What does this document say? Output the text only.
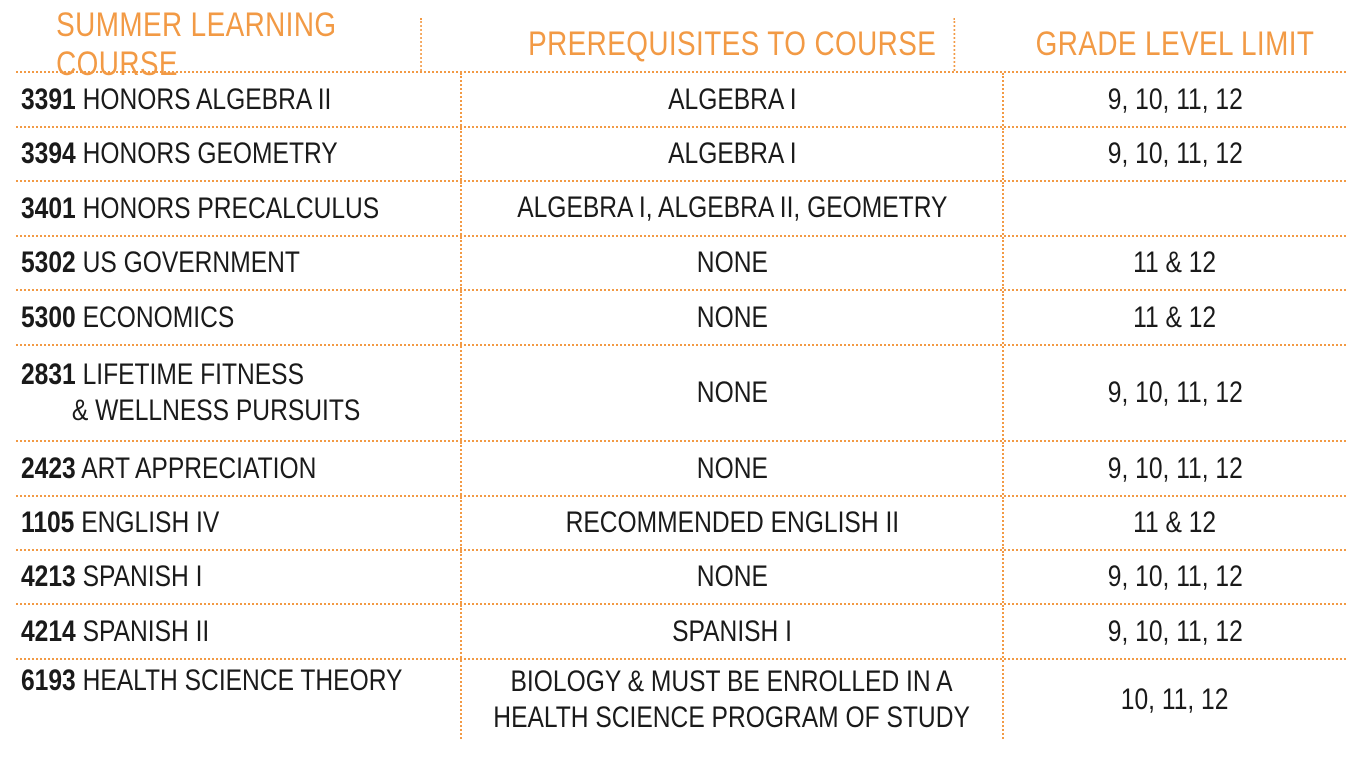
SUMMER LEARNING COURSE
PREREQUISITES TO COURSE	GRADE LEVEL LIMIT
3391 HONORS ALGEBRA II	ALGEBRA I	9, 10, 11, 12
3394 HONORS GEOMETRY	ALGEBRA I	9, 10, 11, 12
3401 HONORS PRECALCULUS	ALGEBRA I, ALGEBRA II, GEOMETRY
5302 US GOVERNMENT	NONE	11 & 12
5300 ECONOMICS	NONE	11 & 12
2831 LIFETIME FITNESS
& WELLNESS PURSUITS
NONE	9, 10, 11, 12
2423 ART APPRECIATION	NONE	9, 10, 11, 12
1105 ENGLISH IV	RECOMMENDED ENGLISH II	11 & 12
4213 SPANISH I	NONE	9, 10, 11, 12
4214 SPANISH II	SPANISH I	9, 10, 11, 12
6193 HEALTH SCIENCE THEORY	BIOLOGY & MUST BE ENROLLED IN A
HEALTH SCIENCE PROGRAM OF STUDY
10, 11, 12
